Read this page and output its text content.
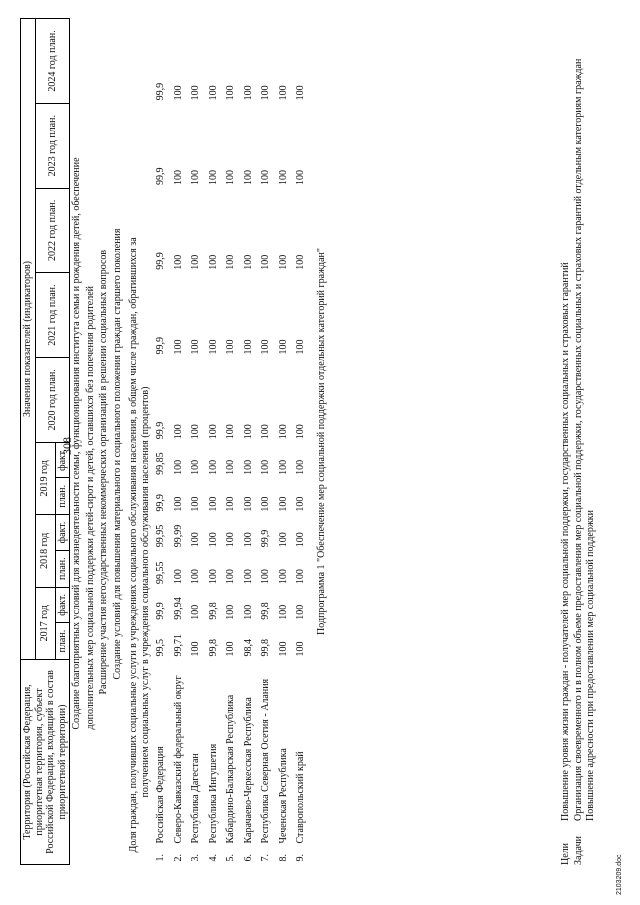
308
Территория (Российская Федерация, приоритетная территория, субъект Российской Федерации, входящий в состав приоритетной территории)		Значения показателей (индикаторов)										
		2017 год		2018 год		2019 год		2020 год план.	2021 год план.	2022 год план.	2023 год план.	2024 год план.
		план.	факт.	план.	факт.	план.	факт.					
Создание благоприятных условий для жизнедеятельности семьи, функционирования института семьи и рождения детей, обеспечение												
дополнительных мер социальной поддержки детей-сирот и детей, оставшихся без попечения родителей												
Расширение участия негосударственных некоммерческих организаций в решении социальных вопросов												
Создание условий для повышения материального и социального положения граждан старшего поколения												
Доля граждан, получивших социальные услуги в учреждениях социального обслуживания населения, в общем числе граждан, обратившихся за получением социальных услуг в учреждения социального обслуживания населения (процентов)												

1.	Российская Федерация	99,5	99,9	99,55	99,95	99,9	99,85	99,9	99,9	99,9	99,9	99,9
2.	Северо-Кавказский федеральный округ	99,71	99,94	100	99,99	100	100	100	100	100	100	100
3.	Республика Дагестан	100	100	100	100	100	100	100	100	100	100	100
4.	Республика Ингушетия	99,8	99,8	100	100	100	100	100	100	100	100	100
5.	Кабардино-Балкарская Республика	100	100	100	100	100	100	100	100	100	100	100
6.	Карачаево-Черкесская Республика	98,4	100	100	100	100	100	100	100	100	100	100
7.	Республика Северная Осетия - Алания	99,8	99,8	100	99,9	100	100	100	100	100	100	100
8.	Чеченская Республика	100	100	100	100	100	100	100	100	100	100	100
9.	Ставропольский край	100	100	100	100	100	100	100	100	100	100	100
Подпрограмма 1 "Обеспечение мер социальной поддержки отдельных категорий граждан"												
Цели
Повышение уровня жизни граждан - получателей мер социальной поддержки, государственных социальных и страховых гарантий
Задачи
Организация своевременного и в полном объеме предоставления мер социальной поддержки, государственных социальных и страховых гарантий отдельным категориям граждан Повышение адресности при предоставлении мер социальной поддержки
2103209.doc
